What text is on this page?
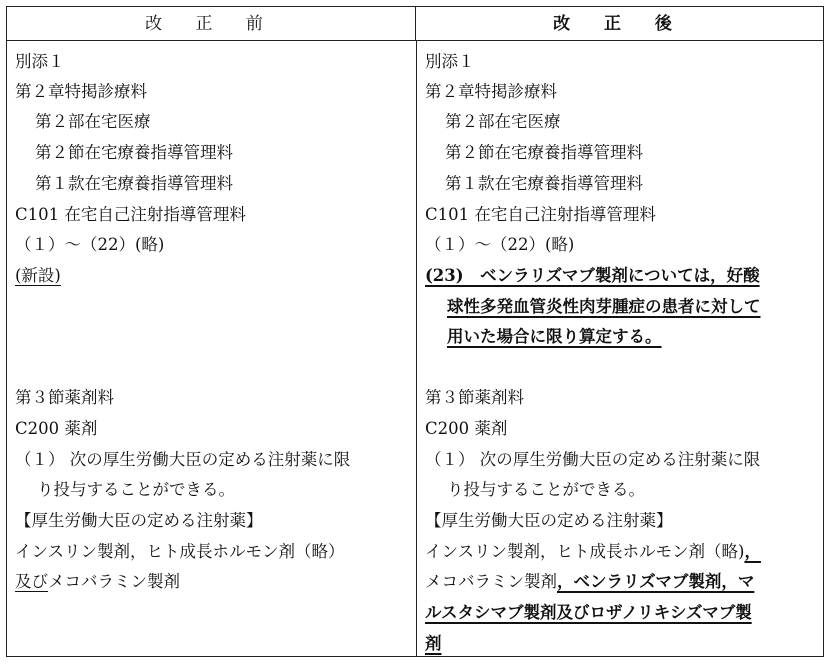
改 正 前	改 正 後
別添１
第２章特掲診療料
第２部在宅医療
第２節在宅療養指導管理料
第１款在宅療養指導管理料
C101 在宅自己注射指導管理料
（１）～（22）(略)
(新設)
第３節薬剤料
C200 薬剤
（１） 次の厚生労働大臣の定める注射薬に限
り投与することができる。
【厚生労働大臣の定める注射薬】
インスリン製剤，ヒト成長ホルモン剤（略）
及びメコバラミン製剤
別添１
第２章特掲診療料
第２部在宅医療
第２節在宅療養指導管理料
第１款在宅療養指導管理料
C101 在宅自己注射指導管理料
（１）～（22）(略)
(23)　ベンラリズマブ製剤については，好酸
球性多発血管炎性肉芽腫症の患者に対して
用いた場合に限り算定する。
第３節薬剤料
C200 薬剤
（１） 次の厚生労働大臣の定める注射薬に限
り投与することができる。
【厚生労働大臣の定める注射薬】
インスリン製剤，ヒト成長ホルモン剤（略)，
メコバラミン製剤，ベンラリズマブ製剤，マ
ルスタシマブ製剤及びロザノリキシズマブ製
剤
